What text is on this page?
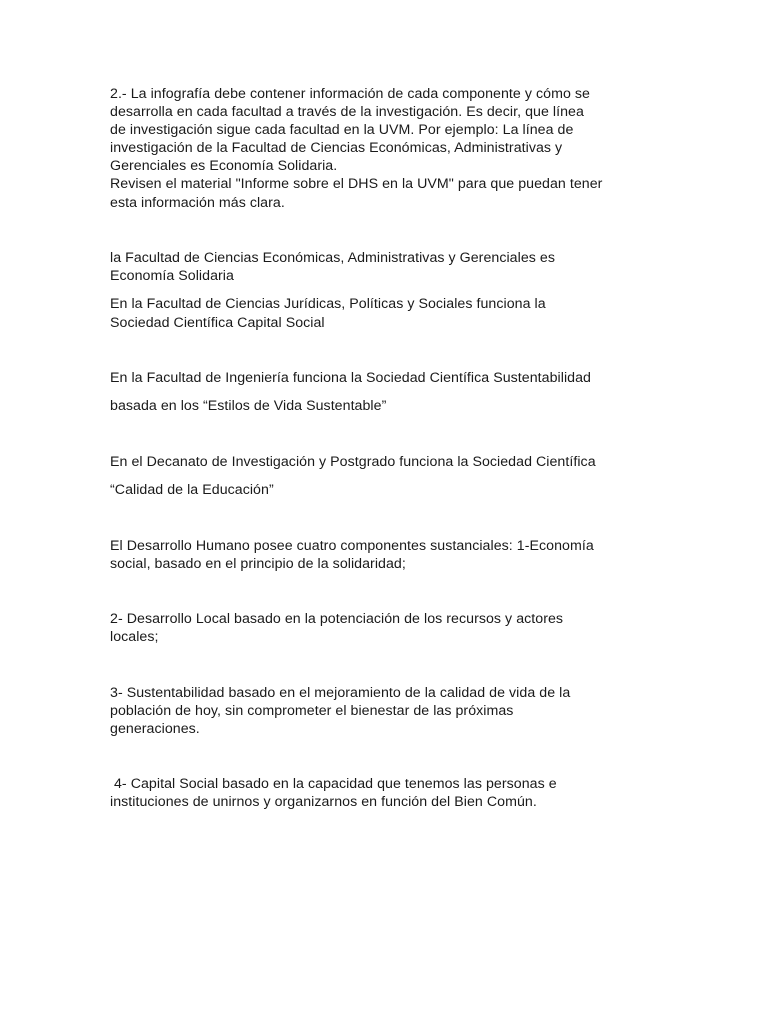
2.- La infografía debe contener información de cada componente y cómo se

desarrolla en cada facultad a través de la investigación. Es decir, que línea

de investigación sigue cada facultad en la UVM. Por ejemplo: La línea de

investigación de la Facultad de Ciencias Económicas, Administrativas y

Gerenciales es Economía Solidaria.

Revisen el material "Informe sobre el DHS en la UVM" para que puedan tener

esta información más clara.

la Facultad de Ciencias Económicas, Administrativas y Gerenciales es

Economía Solidaria

En la Facultad de Ciencias Jurídicas, Políticas y Sociales funciona la

Sociedad Científica Capital Social

En la Facultad de Ingeniería funciona la Sociedad Científica Sustentabilidad

basada en los “Estilos de Vida Sustentable”

En el Decanato de Investigación y Postgrado funciona la Sociedad Científica

“Calidad de la Educación”

El Desarrollo Humano posee cuatro componentes sustanciales: 1-Economía

social, basado en el principio de la solidaridad;

2- Desarrollo Local basado en la potenciación de los recursos y actores

locales;

3- Sustentabilidad basado en el mejoramiento de la calidad de vida de la

población de hoy, sin comprometer el bienestar de las próximas

generaciones.

4- Capital Social basado en la capacidad que tenemos las personas e

instituciones de unirnos y organizarnos en función del Bien Común.
